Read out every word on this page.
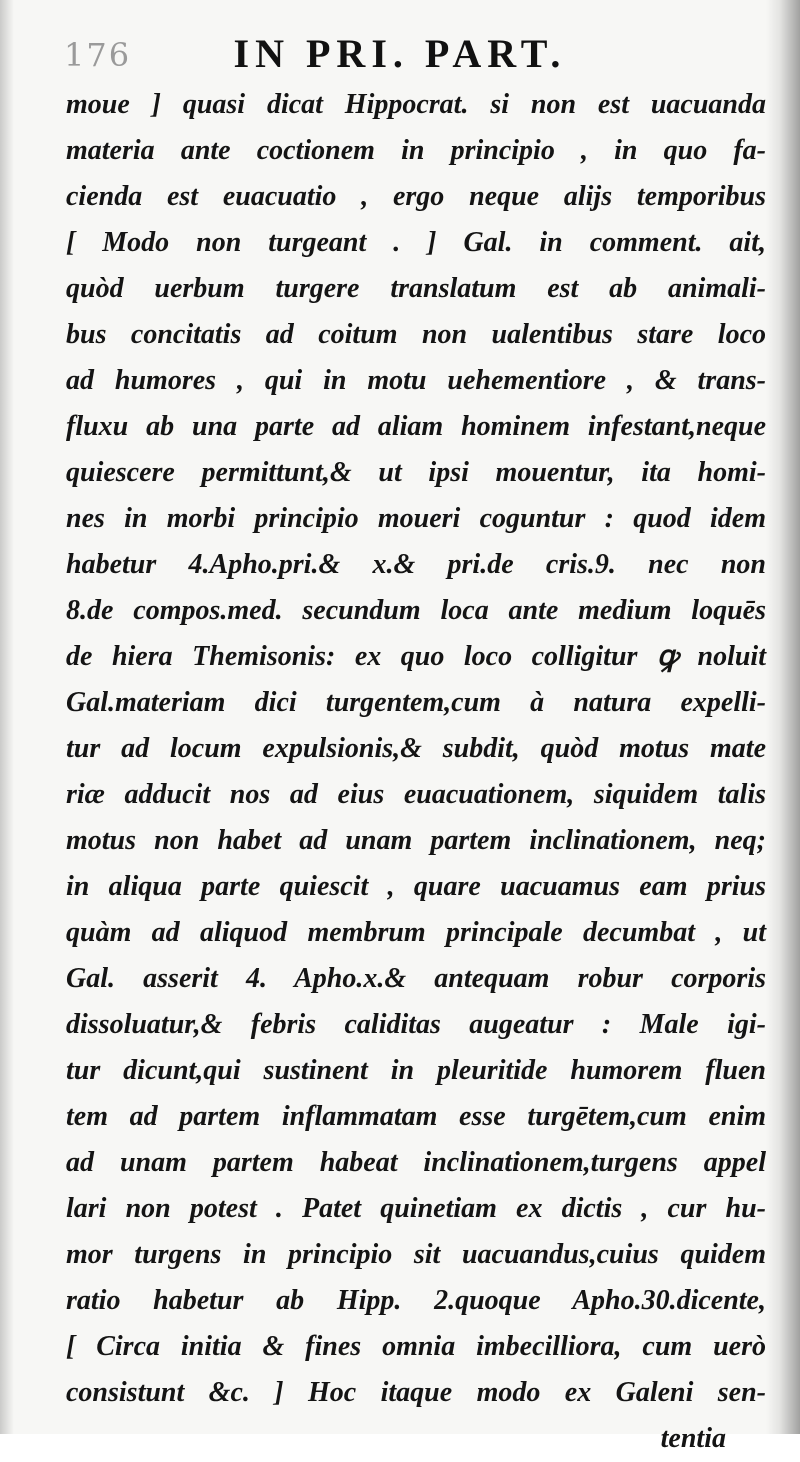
176	IN PRI. PART.
moue ] quasi dicat Hippocrat. si non est uacuanda
materia ante coctionem in principio , in quo fa-
cienda est euacuatio , ergo neque alijs temporibus
[ Modo non turgeant . ] Gal. in comment. ait,
quòd uerbum turgere translatum est ab animali-
bus concitatis ad coitum non ualentibus stare loco
ad humores , qui in motu uehementiore , & trans-
fluxu ab una parte ad aliam hominem infestant,neque
quiescere permittunt,& ut ipsi mouentur, ita homi-
nes in morbi principio moueri coguntur : quod idem
habetur 4.Apho.pri.& x.& pri.de cris.9. nec non
8.de compos.med. secundum loca ante medium loquēs
de hiera Themisonis: ex quo loco colligitur ꝙ noluit
Gal.materiam dici turgentem,cum à natura expelli-
tur ad locum expulsionis,& subdit, quòd motus mate
riæ adducit nos ad eius euacuationem, siquidem talis
motus non habet ad unam partem inclinationem, neq;
in aliqua parte quiescit , quare uacuamus eam prius
quàm ad aliquod membrum principale decumbat , ut
Gal. asserit 4. Apho.x.& antequam robur corporis
dissoluatur,& febris caliditas augeatur : Male igi-
tur dicunt,qui sustinent in pleuritide humorem fluen
tem ad partem inflammatam esse turgētem,cum enim
ad unam partem habeat inclinationem,turgens appel
lari non potest . Patet quinetiam ex dictis , cur hu-
mor turgens in principio sit uacuandus,cuius quidem
ratio habetur ab Hipp. 2.quoque Apho.30.dicente,
[ Circa initia & fines omnia imbecilliora, cum uerò
consistunt &c. ] Hoc itaque modo ex Galeni sen-
tentia
